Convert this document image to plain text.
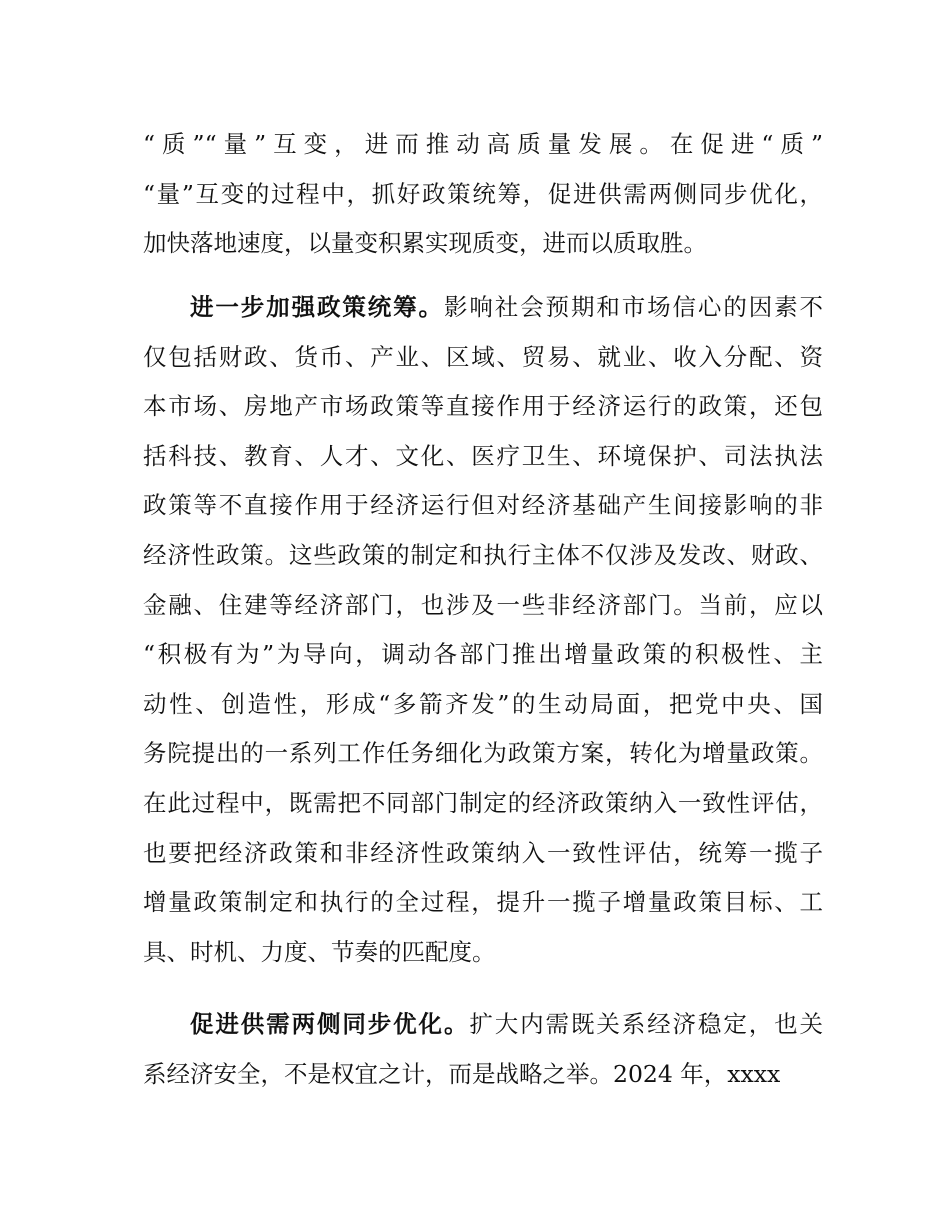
“质”“量”互变，进而推动高质量发展。在促进“质”
“量”互变的过程中，抓好政策统筹，促进供需两侧同步优化，
加快落地速度，以量变积累实现质变，进而以质取胜。

进一步加强政策统筹。影响社会预期和市场信心的因素不
仅包括财政、货币、产业、区域、贸易、就业、收入分配、资
本市场、房地产市场政策等直接作用于经济运行的政策，还包
括科技、教育、人才、文化、医疗卫生、环境保护、司法执法
政策等不直接作用于经济运行但对经济基础产生间接影响的非
经济性政策。这些政策的制定和执行主体不仅涉及发改、财政、
金融、住建等经济部门，也涉及一些非经济部门。当前，应以
“积极有为”为导向，调动各部门推出增量政策的积极性、主
动性、创造性，形成“多箭齐发”的生动局面，把党中央、国
务院提出的一系列工作任务细化为政策方案，转化为增量政策。
在此过程中，既需把不同部门制定的经济政策纳入一致性评估，
也要把经济政策和非经济性政策纳入一致性评估，统筹一揽子
增量政策制定和执行的全过程，提升一揽子增量政策目标、工
具、时机、力度、节奏的匹配度。

促进供需两侧同步优化。扩大内需既关系经济稳定，也关
系经济安全，不是权宜之计，而是战略之举。2024 年，xxxx
